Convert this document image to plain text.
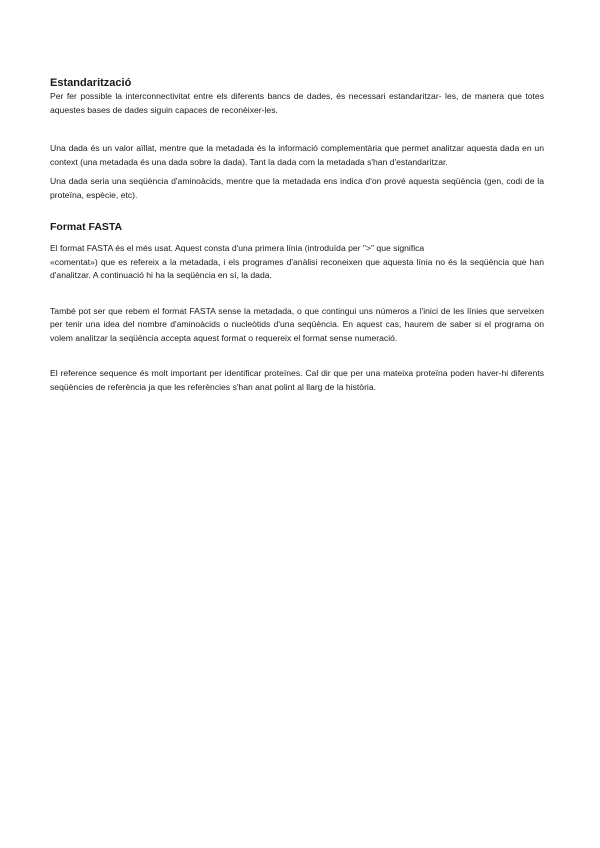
Estandarització

Per fer possible la interconnectivitat entre els diferents bancs de dades, és necessari estandaritzar- les, de manera que totes aquestes bases de dades siguin capaces de reconèixer-les.

Una dada és un valor aïllat, mentre que la metadada és la informació complementària que permet analitzar aquesta dada en un context (una metadada és una dada sobre la dada). Tant la dada com la metadada s'han d'estandaritzar.

Una dada seria una seqüència d'aminoàcids, mentre que la metadada ens indica d'on prové aquesta seqüència (gen, codi de la proteïna, espècie, etc).

Format FASTA

El format FASTA és el més usat. Aquest consta d'una primera línia (introduïda per ">" que significa

«comentat») que es refereix a la metadada, i els programes d'anàlisi reconeixen que aquesta línia no és la seqüència que han d'analitzar. A continuació hi ha la seqüència en sí, la dada.

També pot ser que rebem el format FASTA sense la metadada, o que contingui uns números a l'inici de les línies que serveixen per tenir una idea del nombre d'aminoàcids o nucleòtids d'una seqüència. En aquest cas, haurem de saber si el programa on volem analitzar la seqüència accepta aquest format o requereix el format sense numeració.

El reference sequence és molt important per identificar proteïnes. Cal dir que per una mateixa proteïna poden haver-hi diferents seqüències de referència ja que les referències s'han anat polint al llarg de la història.
